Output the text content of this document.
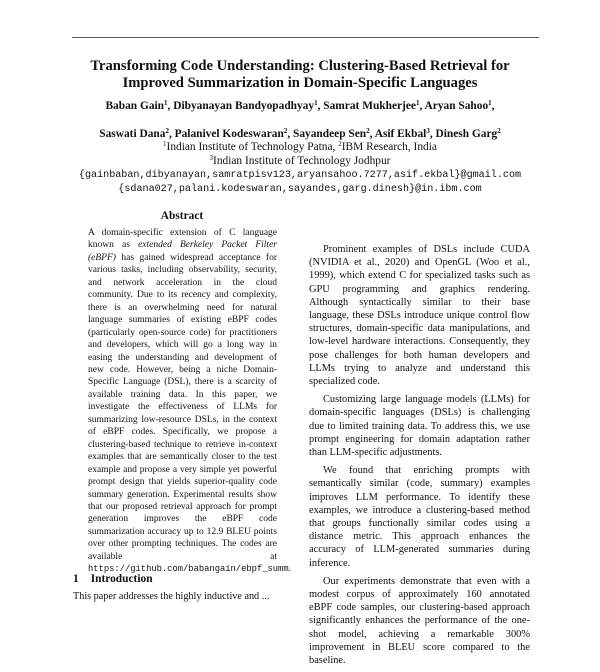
Transforming Code Understanding: Clustering-Based Retrieval for
Improved Summarization in Domain-Specific Languages
Baban Gain$^1$, Dibyanayan Bandyopadhyay$^1$, Samrat Mukherjee$^1$, Aryan Sahoo$^1$,
Saswati Dana$^2$, Palanivel Kodeswaran$^2$, Sayandeep Sen$^2$, Asif Ekbal$^3$, Dinesh Garg$^2$
$^1$Indian Institute of Technology Patna, $^2$IBM Research, India
$^3$Indian Institute of Technology Jodhpur
{gainbaban,dibyanayan,samratpisv123,aryansahoo.7277,asif.ekbal}@gmail.com
{sdana027,palani.kodeswaran,sayandes,garg.dinesh}@in.ibm.com
Abstract
A domain-specific extension of C language known as extended Berkeley Packet Filter (eBPF) has gained widespread acceptance for various tasks, including observability, security, and network acceleration in the cloud community. Due to its recency and complexity, there is an overwhelming need for natural language summaries of existing eBPF codes (particularly open-source code) for practitioners and developers, which will go a long way in easing the understanding and development of new code. However, being a niche Domain-Specific Language (DSL), there is a scarcity of available training data. In this paper, we investigate the effectiveness of LLMs for summarizing low-resource DSLs, in the context of eBPF codes. Specifically, we propose a clustering-based technique to retrieve in-context examples that are semantically closer to the test example and propose a very simple yet powerful prompt design that yields superior-quality code summary generation. Experimental results show that our proposed retrieval approach for prompt generation improves the eBPF code summarization accuracy up to 12.9 BLEU points over other prompting techniques. The codes are available at https://github.com/babangain/ebpf_summ.
1 Introduction
This paper addresses the highly inductive and ...

Prominent examples of DSLs include CUDA (NVIDIA et al., 2020) and OpenGL (Woo et al., 1999), which extend C for specialized tasks such as GPU programming and graphics rendering. Although syntactically similar to their base language, these DSLs introduce unique control flow structures, domain-specific data manipulations, and low-level hardware interactions. Consequently, they pose challenges for both human developers and LLMs trying to analyze and understand this specialized code.

Customizing large language models (LLMs) for domain-specific languages (DSLs) is challenging due to limited training data. To address this, we use prompt engineering for domain adaptation rather than LLM-specific adjustments.

We found that enriching prompts with semantically similar (code, summary) examples improves LLM performance. To identify these examples, we introduce a clustering-based method that groups functionally similar codes using a distance metric. This approach enhances the accuracy of LLM-generated summaries during inference.

Our experiments demonstrate that even with a modest corpus of approximately 160 annotated eBPF code samples, our clustering-based approach significantly enhances the performance of the one-shot model, achieving a remarkable 300% improvement in BLEU score compared to the baseline.
